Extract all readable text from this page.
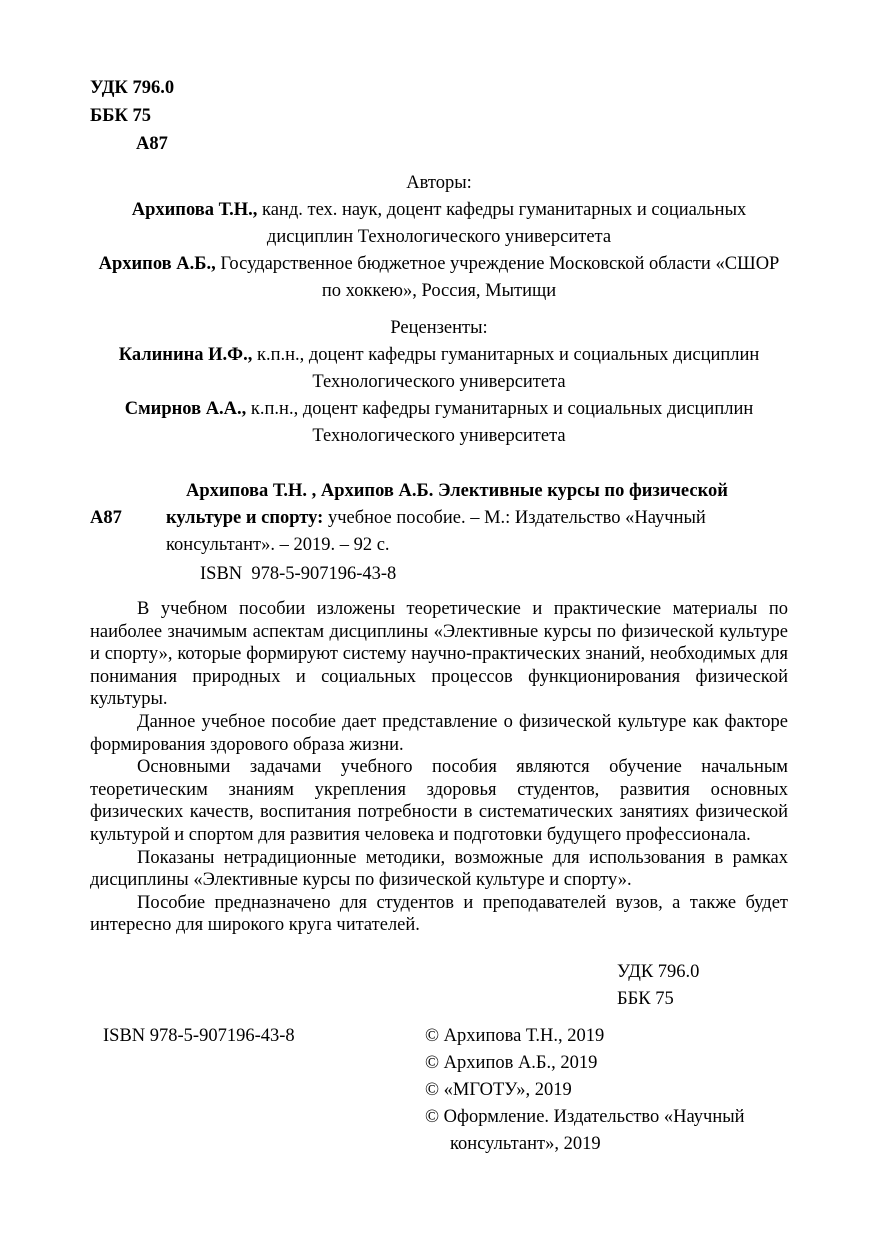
УДК 796.0
ББК 75
А87
Авторы:
Архипова Т.Н., канд. тех. наук, доцент кафедры гуманитарных и социальных дисциплин Технологического университета
Архипов А.Б., Государственное бюджетное учреждение Московской области «СШОР по хоккею», Россия, Мытищи
Рецензенты:
Калинина И.Ф., к.п.н., доцент кафедры гуманитарных и социальных дисциплин Технологического университета
Смирнов А.А., к.п.н., доцент кафедры гуманитарных и социальных дисциплин Технологического университета
А87

Архипова Т.Н. , Архипов А.Б. Элективные курсы по физической культуре и спорту: учебное пособие. – М.: Издательство «Научный консультант». – 2019. – 92 с.

ISBN  978-5-907196-43-8

В учебном пособии изложены теоретические и практические материалы по наиболее значимым аспектам дисциплины «Элективные курсы по физической культуре и спорту», которые формируют систему научно-практических знаний, необходимых для понимания природных и социальных процессов функционирования физической культуры.

Данное учебное пособие дает представление о физической культуре как факторе формирования здорового образа жизни.

Основными задачами учебного пособия являются обучение начальным теоретическим знаниям укрепления здоровья студентов, развития основных физических качеств, воспитания потребности в систематических занятиях физической культурой и спортом для развития человека и подготовки будущего профессионала.

Показаны нетрадиционные методики, возможные для использования в рамках дисциплины «Элективные курсы по физической культуре и спорту».

Пособие предназначено для студентов и преподавателей вузов, а также будет интересно для широкого круга читателей.

УДК 796.0
ББК 75
ISBN 978-5-907196-43-8	© Архипова Т.Н., 2019
© Архипов А.Б., 2019
© «МГОТУ», 2019
© Оформление. Издательство «Научный консультант», 2019
